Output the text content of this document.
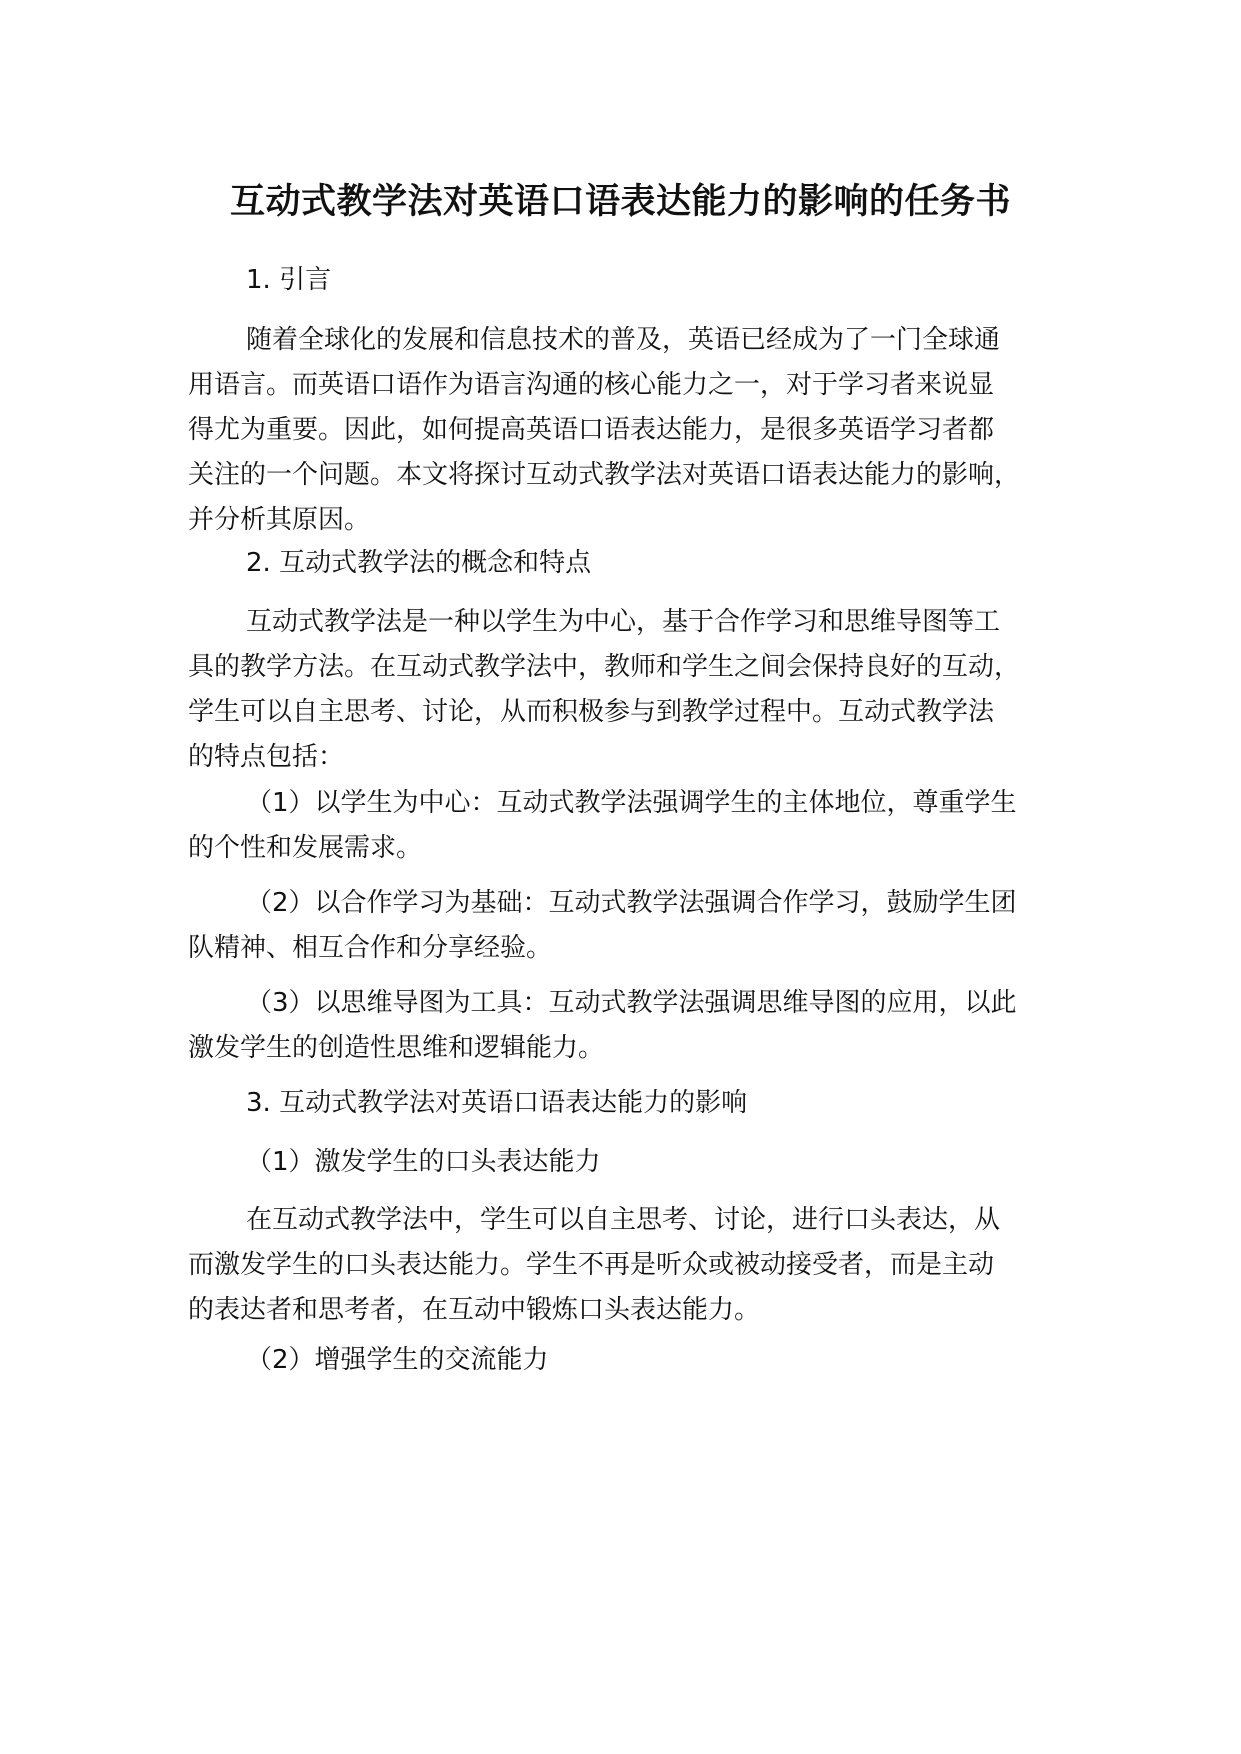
互动式教学法对英语口语表达能力的影响的任务书
1. 引言
随着全球化的发展和信息技术的普及，英语已经成为了一门全球通
用语言。而英语口语作为语言沟通的核心能力之一，对于学习者来说显
得尤为重要。因此，如何提高英语口语表达能力，是很多英语学习者都
关注的一个问题。本文将探讨互动式教学法对英语口语表达能力的影响，
并分析其原因。
2. 互动式教学法的概念和特点
互动式教学法是一种以学生为中心，基于合作学习和思维导图等工
具的教学方法。在互动式教学法中，教师和学生之间会保持良好的互动，
学生可以自主思考、讨论，从而积极参与到教学过程中。互动式教学法
的特点包括：
（1）以学生为中心：互动式教学法强调学生的主体地位，尊重学生
的个性和发展需求。
（2）以合作学习为基础：互动式教学法强调合作学习，鼓励学生团
队精神、相互合作和分享经验。
（3）以思维导图为工具：互动式教学法强调思维导图的应用，以此
激发学生的创造性思维和逻辑能力。
3. 互动式教学法对英语口语表达能力的影响
（1）激发学生的口头表达能力
在互动式教学法中，学生可以自主思考、讨论，进行口头表达，从
而激发学生的口头表达能力。学生不再是听众或被动接受者，而是主动
的表达者和思考者，在互动中锻炼口头表达能力。
（2）增强学生的交流能力
